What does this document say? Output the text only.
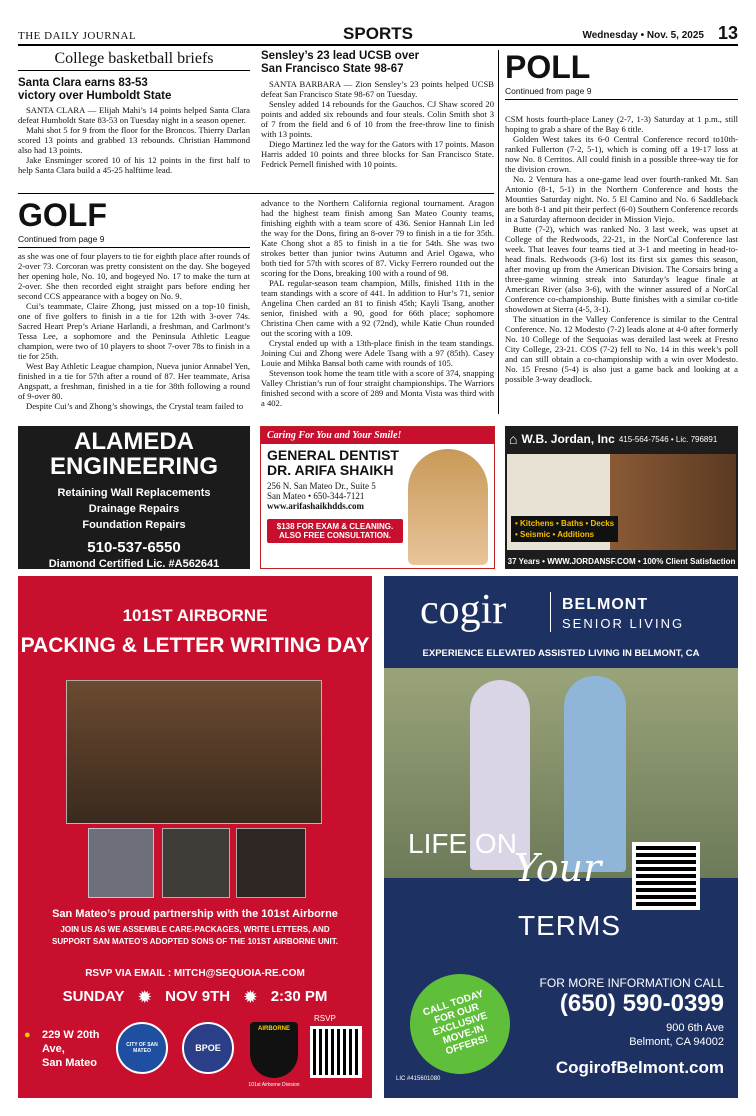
THE DAILY JOURNAL	SPORTS	Wednesday • Nov. 5, 2025 13
College basketball briefs
Santa Clara earns 83-53
victory over Humboldt State

SANTA CLARA — Elijah Mahi’s 14 points helped Santa Clara defeat Humboldt State 83-53 on Tuesday night in a season opener.

Mahi shot 5 for 9 from the floor for the Broncos. Thierry Darlan scored 13 points and grabbed 13 rebounds. Christian Hammond also had 13 points.

Jake Ensminger scored 10 of his 12 points in the first half to help Santa Clara build a 45-25 halftime lead.

Sensley’s 23 lead UCSB over
San Francisco State 98-67

SANTA BARBARA — Zion Sensley’s 23 points helped UCSB defeat San Francisco State 98-67 on Tuesday.

Sensley added 14 rebounds for the Gauchos. CJ Shaw scored 20 points and added six rebounds and four steals. Colin Smith shot 3 of 7 from the field and 6 of 10 from the free-throw line to finish with 13 points.

Diego Martinez led the way for the Gators with 17 points. Mason Harris added 10 points and three blocks for San Francisco State. Fedrick Pernell finished with 10 points.

GOLF
Continued from page 9

as she was one of four players to tie for eighth place after rounds of 2-over 73. Corcoran was pretty consistent on the day. She bogeyed her opening hole, No. 10, and bogeyed No. 17 to make the turn at 2-over. She then recorded eight straight pars before ending her second CCS appearance with a bogey on No. 9.

Cui’s teammate, Claire Zhong, just missed on a top-10 finish, one of five golfers to finish in a tie for 12th with 3-over 74s. Sacred Heart Prep’s Ariane Harlandi, a freshman, and Carlmont’s Tessa Lee, a sophomore and the Peninsula Athletic League champion, were two of 10 players to shoot 7-over 78s to finish in a tie for 25th.

West Bay Athletic League champion, Nueva junior Annabel Yen, finished in a tie for 57th after a round of 87. Her teammate, Arisa Angspatt, a freshman, finished in a tie for 38th following a round of 9-over 80.

Despite Cui’s and Zhong’s showings, the Crystal team failed to

advance to the Northern California regional tournament. Aragon had the highest team finish among San Mateo County teams, finishing eighth with a team score of 436. Senior Hannah Lin led the way for the Dons, firing an 8-over 79 to finish in a tie for 35th. Kate Chong shot a 85 to finish in a tie for 54th. She was two strokes better than junior twins Autumn and Ariel Ogawa, who both tied for 57th with scores of 87. Vicky Ferrero rounded out the scoring for the Dons, breaking 100 with a round of 98.

PAL regular-season team champion, Mills, finished 11th in the team standings with a score of 441. In addition to Hur’s 71, senior Angelina Chen carded an 81 to finish 45th; Kayli Tsang, another senior, finished with a 90, good for 66th place; sophomore Christina Chen came with a 92 (72nd), while Katie Chun rounded out the scoring with a 109.

Crystal ended up with a 13th-place finish in the team standings. Joining Cui and Zhong were Adele Tsang with a 97 (85th). Casey Louie and Mihka Bansal both came with rounds of 105.

Stevenson took home the team title with a score of 374, snapping Valley Christian’s run of four straight championships. The Warriors finished second with a score of 289 and Monta Vista was third with a 402.

POLL
Continued from page 9

CSM hosts fourth-place Laney (2-7, 1-3) Saturday at 1 p.m., still hoping to grab a share of the Bay 6 title.

Golden West takes its 6-0 Central Conference record to10th-ranked Fullerton (7-2, 5-1), which is coming off a 19-17 loss at now No. 8 Cerritos. All could finish in a possible three-way tie for the division crown.

No. 2 Ventura has a one-game lead over fourth-ranked Mt. San Antonio (8-1, 5-1) in the Northern Conference and hosts the Mounties Saturday night. No. 5 El Camino and No. 6 Saddleback are both 8-1 and pit their perfect (6-0) Southern Conference records in a Saturday afternoon decider in Mission Viejo.

Butte (7-2), which was ranked No. 3 last week, was upset at College of the Redwoods, 22-21, in the NorCal Conference last week. That leaves four teams tied at 3-1 and meeting in head-to-head finals. Redwoods (3-6) lost its first six games this season, after moving up from the American Division. The Corsairs bring a three-game winning streak into Saturday’s league finale at American River (also 3-6), with the winner assured of a NorCal Conference co-championship. Butte finishes with a similar co-title showdown at Sierra (4-5, 3-1).

The situation in the Valley Conference is similar to the Central Conference. No. 12 Modesto (7-2) leads alone at 4-0 after formerly No. 10 College of the Sequoias was derailed last week at Fresno City College, 23-21. COS (7-2) fell to No. 14 in this week’s poll and can still obtain a co-championship with a win over Modesto. No. 15 Fresno (5-4) is also just a game back and looking at a possible 3-way deadlock.

ALAMEDA
ENGINEERING
Retaining Wall Replacements
Drainage Repairs
Foundation Repairs
510-537-6550
Diamond Certified Lic. #A562641
Caring For You and Your Smile!
GENERAL DENTIST
DR. ARIFA SHAIKH
256 N. San Mateo Dr., Suite 5
San Mateo • 650-344-7121
www.arifashaikhdds.com
$138 FOR EXAM & CLEANING.
ALSO FREE CONSULTATION.
⌂ W.B. Jordan, Inc 415-564-7546 • Lic. 796891
• Kitchens • Baths • Decks
• Seismic • Additions
37 Years • WWW.JORDANSF.COM • 100% Client Satisfaction
101ST AIRBORNE
PACKING & LETTER WRITING DAY
San Mateo’s proud partnership with the 101st Airborne
JOIN US AS WE ASSEMBLE CARE-PACKAGES, WRITE LETTERS, AND
SUPPORT SAN MATEO’S ADOPTED SONS OF THE 101ST AIRBORNE UNIT.
RSVP VIA EMAIL : MITCH@SEQUOIA-RE.COM
SUNDAY ✹ NOV 9TH ✹ 2:30 PM
● 229 W 20th
Ave,
San Mateo
CITY OF SAN MATEO	BPOE
AIRBORNE
101st Airborne Division
RSVP
cogir	BELMONT
SENIOR LIVING
EXPERIENCE ELEVATED ASSISTED LIVING IN BELMONT, CA
LIFE ON
Your
TERMS
CALL TODAY FOR OUR EXCLUSIVE MOVE-IN OFFERS!
FOR MORE INFORMATION CALL
(650) 590-0399
900 6th Ave
Belmont, CA 94002
CogirofBelmont.com
LIC #415601080
